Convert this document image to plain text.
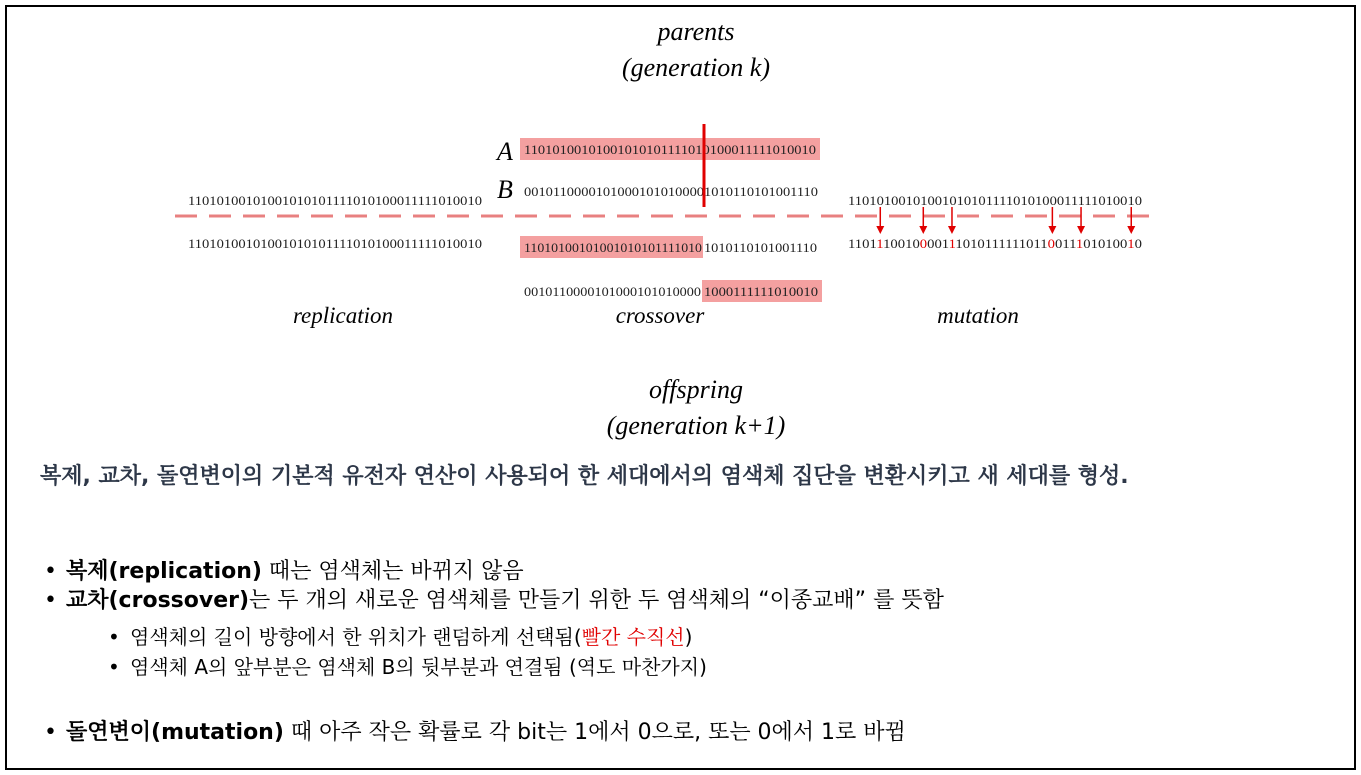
parents
(generation k)
A 11010100101001010101111010100011111010010
B 00101100001010001010100001010110101001110
11010100101001010101111010100011111010010
11010100101001010101111010100011111010010
replication
11010100101001010101111010 1010110101001110
0010110000101000101010000 1000111111010010
crossover
11010100101001010101111010100011111010010
11011100100001110101111110110011101010010
mutation
offspring
(generation k+1)

복제, 교차, 돌연변이의 기본적 유전자 연산이 사용되어 한 세대에서의 염색체 집단을 변환시키고 새 세대를 형성.

• 복제(replication) 때는 염색체는 바뀌지 않음
• 교차(crossover)는 두 개의 새로운 염색체를 만들기 위한 두 염색체의 “이종교배” 를 뜻함
• 염색체의 길이 방향에서 한 위치가 랜덤하게 선택됨(빨간 수직선)
• 염색체 A의 앞부분은 염색체 B의 뒷부분과 연결됨 (역도 마찬가지)
• 돌연변이(mutation) 때 아주 작은 확률로 각 bit는 1에서 0으로, 또는 0에서 1로 바뀜
